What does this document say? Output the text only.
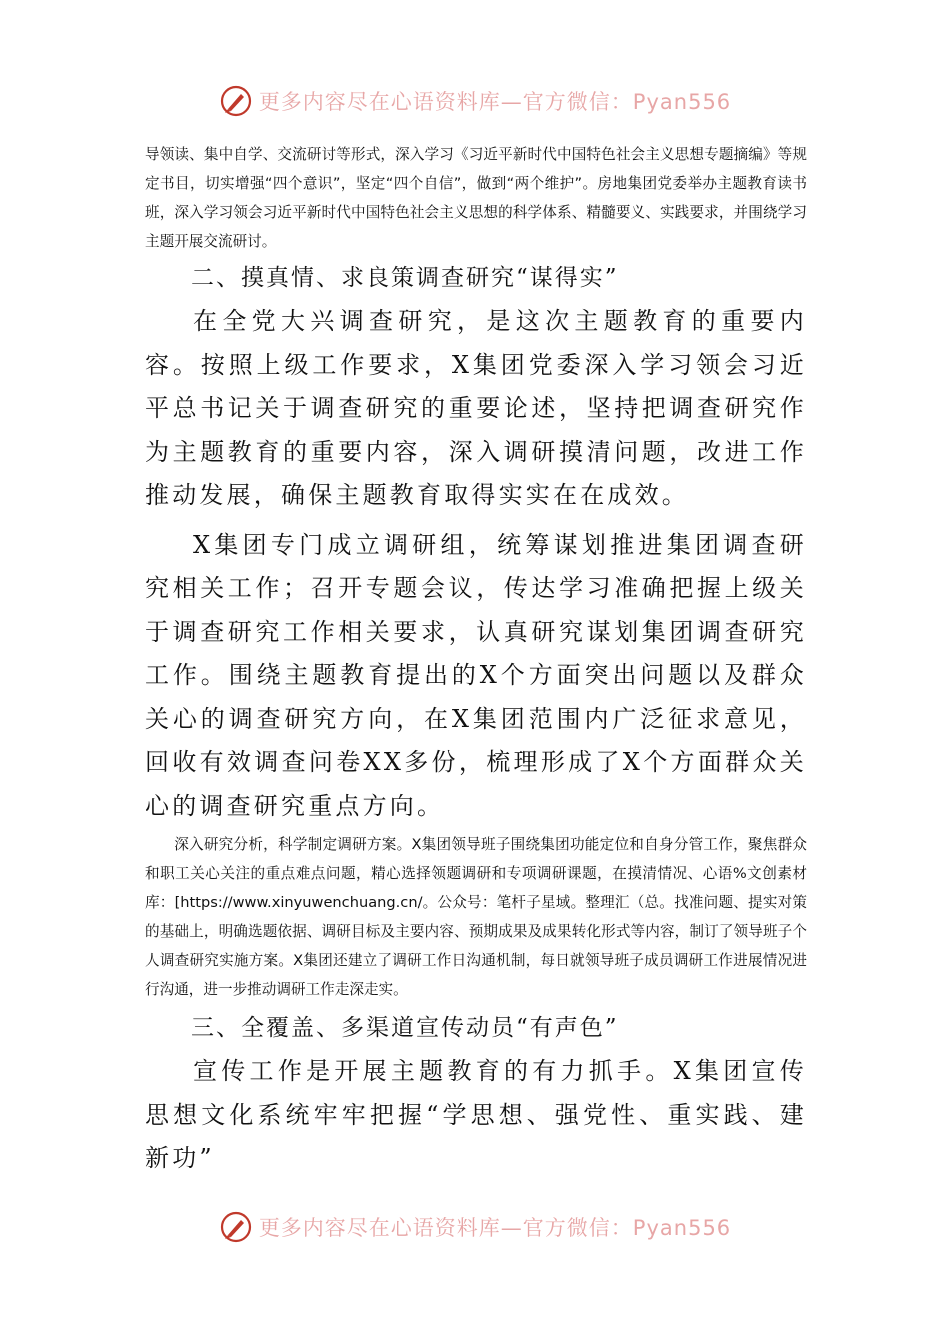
更多内容尽在心语资料库—官方微信：Pyan556

导领读、集中自学、交流研讨等形式，深入学习《习近平新时代中国特色社会主义思想专题摘编》等规定书目，切实增强“四个意识”，坚定“四个自信”，做到“两个维护”。房地集团党委举办主题教育读书班，深入学习领会习近平新时代中国特色社会主义思想的科学体系、精髓要义、实践要求，并围绕学习主题开展交流研讨。

二、摸真情、求良策调查研究“谋得实”

在全党大兴调查研究，是这次主题教育的重要内容。按照上级工作要求，X集团党委深入学习领会习近平总书记关于调查研究的重要论述，坚持把调查研究作为主题教育的重要内容，深入调研摸清问题，改进工作推动发展，确保主题教育取得实实在在成效。

X集团专门成立调研组，统筹谋划推进集团调查研究相关工作；召开专题会议，传达学习准确把握上级关于调查研究工作相关要求，认真研究谋划集团调查研究工作。围绕主题教育提出的X个方面突出问题以及群众关心的调查研究方向，在X集团范围内广泛征求意见，回收有效调查问卷XX多份，梳理形成了X个方面群众关心的调查研究重点方向。

深入研究分析，科学制定调研方案。X集团领导班子围绕集团功能定位和自身分管工作，聚焦群众和职工关心关注的重点难点问题，精心选择领题调研和专项调研课题，在摸清情况、心语%文创素材库：[https://www.xinyuwenchuang.cn/。公众号：笔杆子星域。整理汇（总。找准问题、提实对策的基础上，明确选题依据、调研目标及主要内容、预期成果及成果转化形式等内容，制订了领导班子个人调查研究实施方案。X集团还建立了调研工作日沟通机制，每日就领导班子成员调研工作进展情况进行沟通，进一步推动调研工作走深走实。

三、全覆盖、多渠道宣传动员“有声色”

宣传工作是开展主题教育的有力抓手。X集团宣传思想文化系统牢牢把握“学思想、强党性、重实践、建新功”

更多内容尽在心语资料库—官方微信：Pyan556
